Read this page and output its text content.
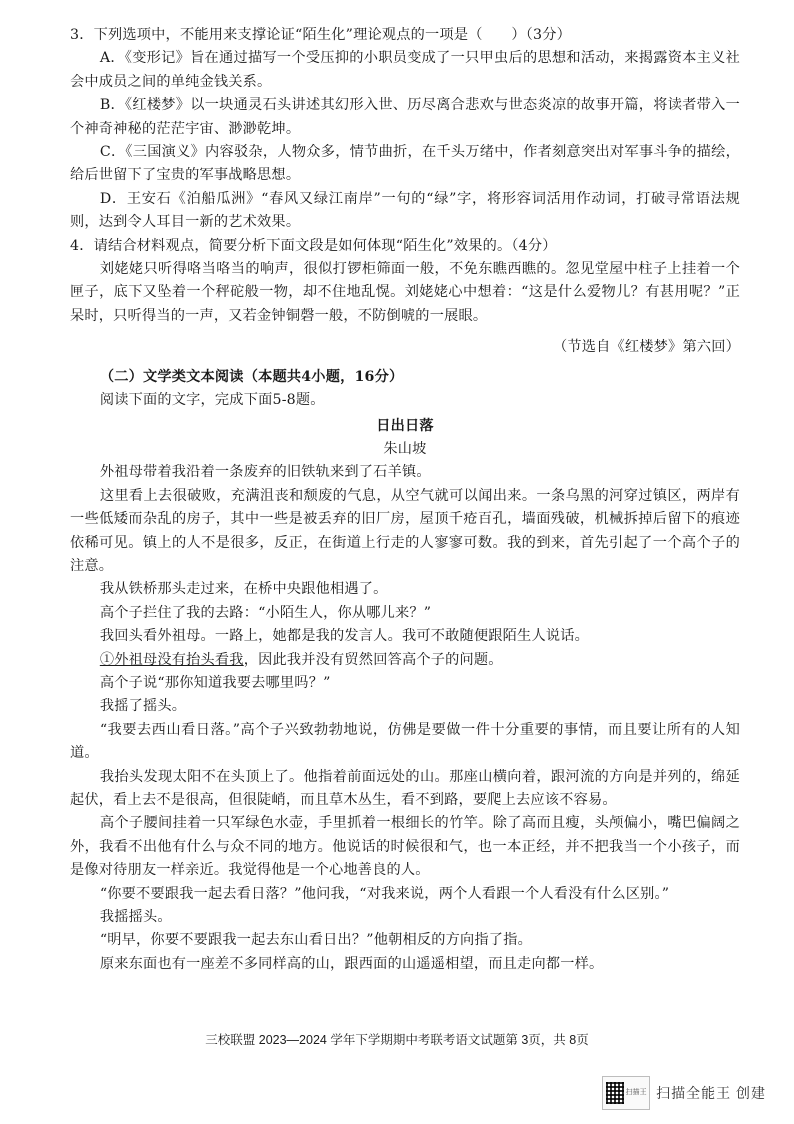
3．下列选项中，不能用来支撑论证“陌生化”理论观点的一项是（　　）（3分）

A．《变形记》旨在通过描写一个受压抑的小职员变成了一只甲虫后的思想和活动，来揭露资本主义社会中成员之间的单纯金钱关系。

B．《红楼梦》以一块通灵石头讲述其幻形入世、历尽离合悲欢与世态炎凉的故事开篇，将读者带入一个神奇神秘的茫茫宇宙、渺渺乾坤。

C．《三国演义》内容驳杂，人物众多，情节曲折，在千头万绪中，作者刻意突出对军事斗争的描绘，给后世留下了宝贵的军事战略思想。

D．王安石《泊船瓜洲》“春风又绿江南岸”一句的“绿”字，将形容词活用作动词，打破寻常语法规则，达到令人耳目一新的艺术效果。

4．请结合材料观点，简要分析下面文段是如何体现“陌生化”效果的。（4分）

刘姥姥只听得咯当咯当的响声，很似打锣柜筛面一般，不免东瞧西瞧的。忽见堂屋中柱子上挂着一个匣子，底下又坠着一个秤砣般一物，却不住地乱愰。刘姥姥心中想着：“这是什么爱物儿？有甚用呢？”正呆时，只听得当的一声，又若金钟铜磬一般，不防倒唬的一展眼。

（节选自《红楼梦》第六回）

（二）文学类文本阅读（本题共4小题，16分）

阅读下面的文字，完成下面5-8题。

日出日落

朱山坡

外祖母带着我沿着一条废弃的旧铁轨来到了石羊镇。

这里看上去很破败，充满沮丧和颓废的气息，从空气就可以闻出来。一条乌黑的河穿过镇区，两岸有一些低矮而杂乱的房子，其中一些是被丢弃的旧厂房，屋顶千疮百孔，墙面残破，机械拆掉后留下的痕迹依稀可见。镇上的人不是很多，反正，在街道上行走的人寥寥可数。我的到来，首先引起了一个高个子的注意。

我从铁桥那头走过来，在桥中央跟他相遇了。

高个子拦住了我的去路：“小陌生人，你从哪儿来？”

我回头看外祖母。一路上，她都是我的发言人。我可不敢随便跟陌生人说话。

①外祖母没有抬头看我，因此我并没有贸然回答高个子的问题。

高个子说“那你知道我要去哪里吗？”

我摇了摇头。

“我要去西山看日落。”高个子兴致勃勃地说，仿佛是要做一件十分重要的事情，而且要让所有的人知道。

我抬头发现太阳不在头顶上了。他指着前面远处的山。那座山横向着，跟河流的方向是并列的，绵延起伏，看上去不是很高，但很陡峭，而且草木丛生，看不到路，要爬上去应该不容易。

高个子腰间挂着一只军绿色水壶，手里抓着一根细长的竹竿。除了高而且瘦，头颅偏小，嘴巴偏阔之外，我看不出他有什么与众不同的地方。他说话的时候很和气，也一本正经，并不把我当一个小孩子，而是像对待朋友一样亲近。我觉得他是一个心地善良的人。

“你要不要跟我一起去看日落？”他问我，“对我来说，两个人看跟一个人看没有什么区别。”

我摇摇头。

“明早，你要不要跟我一起去东山看日出？”他朝相反的方向指了指。

原来东面也有一座差不多同样高的山，跟西面的山遥遥相望，而且走向都一样。

三校联盟 2023—2024 学年下学期期中考联考语文试题第 3页，共 8页
扫描王 扫描全能王 创建
